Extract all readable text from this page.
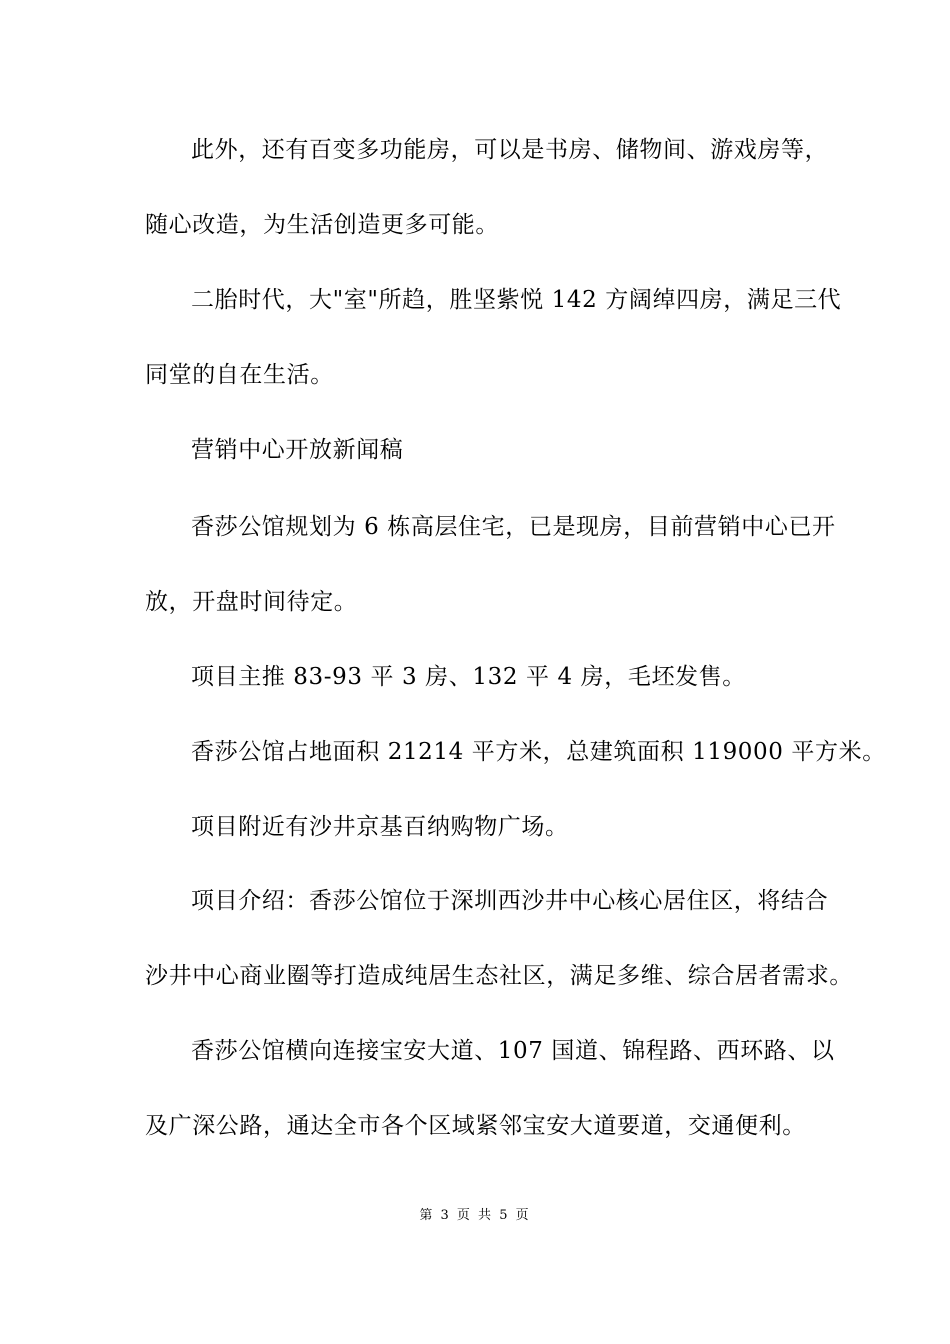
此外，还有百变多功能房，可以是书房、储物间、游戏房等，
随心改造，为生活创造更多可能。
二胎时代，大"室"所趋，胜坚紫悦 142 方阔绰四房，满足三代
同堂的自在生活。
营销中心开放新闻稿
香莎公馆规划为 6 栋高层住宅，已是现房，目前营销中心已开
放，开盘时间待定。
项目主推 83-93 平 3 房、132 平 4 房，毛坯发售。
香莎公馆占地面积 21214 平方米，总建筑面积 119000 平方米。
项目附近有沙井京基百纳购物广场。
项目介绍：香莎公馆位于深圳西沙井中心核心居住区，将结合
沙井中心商业圈等打造成纯居生态社区，满足多维、综合居者需求。
香莎公馆横向连接宝安大道、107 国道、锦程路、西环路、以
及广深公路，通达全市各个区域紧邻宝安大道要道，交通便利。
第 3 页 共 5 页
